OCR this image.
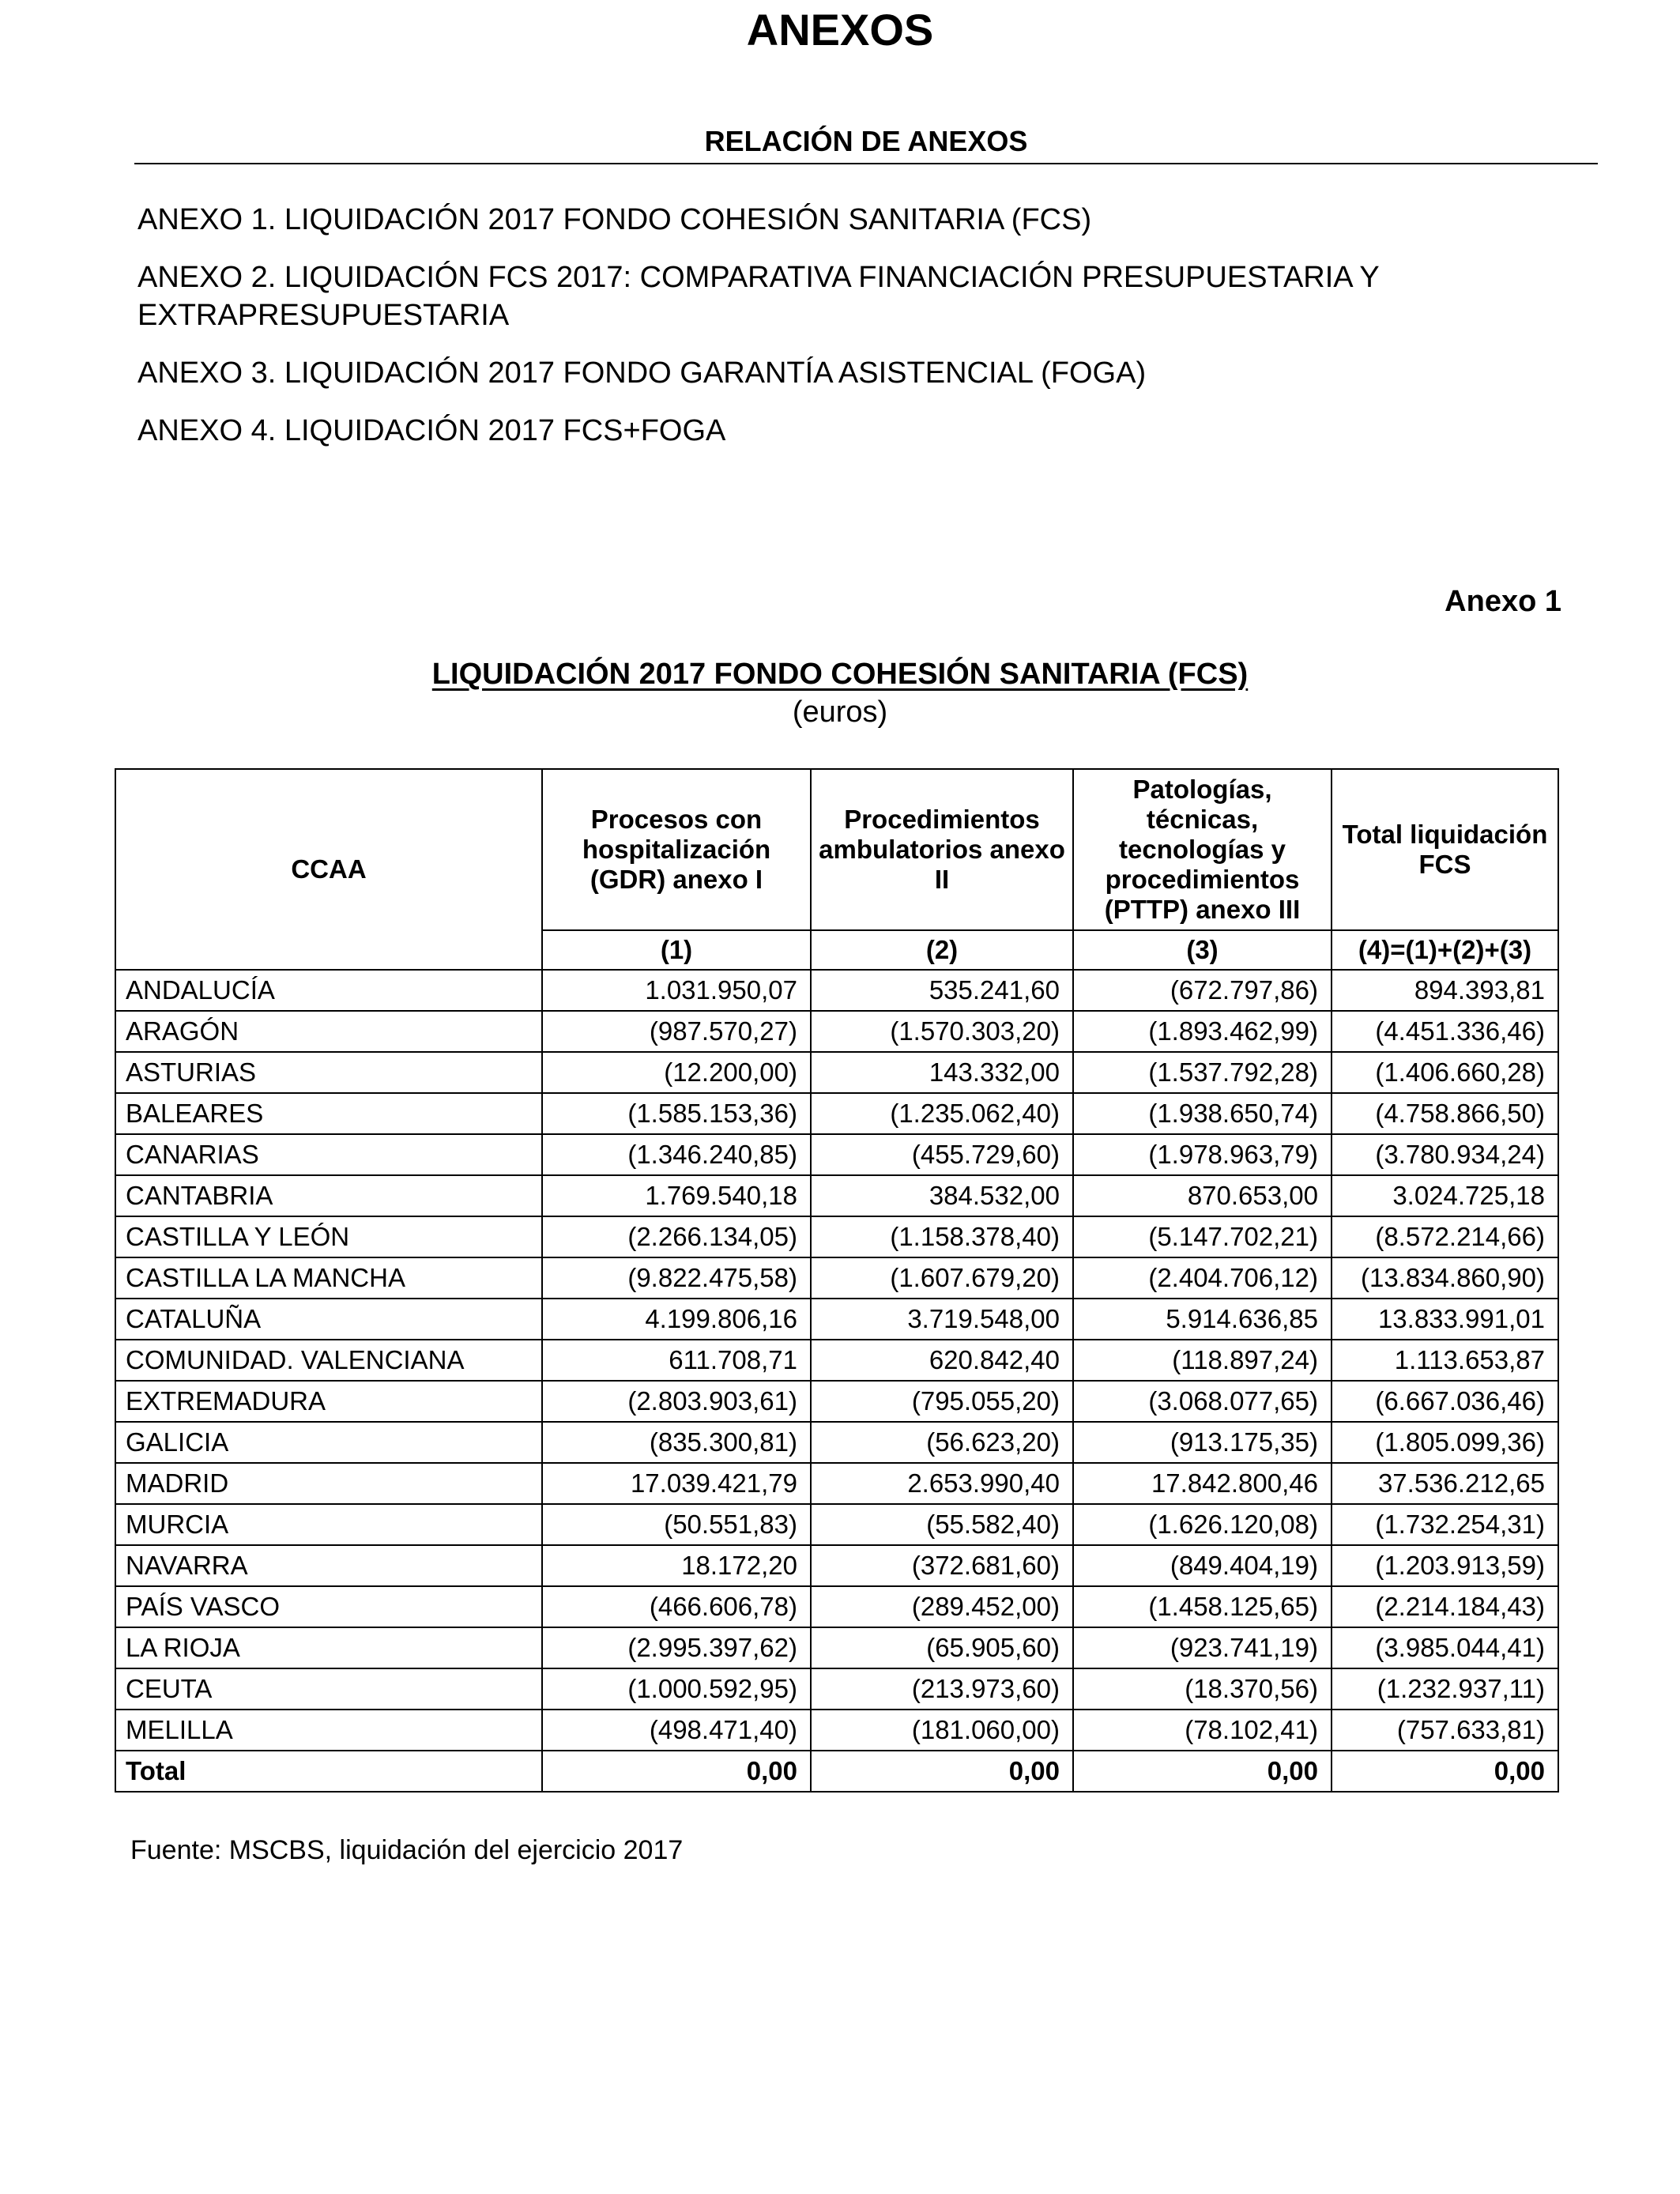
ANEXOS
RELACIÓN DE ANEXOS
ANEXO 1. LIQUIDACIÓN 2017 FONDO COHESIÓN SANITARIA (FCS)
ANEXO 2. LIQUIDACIÓN FCS 2017: COMPARATIVA FINANCIACIÓN PRESUPUESTARIA Y EXTRAPRESUPUESTARIA
ANEXO 3. LIQUIDACIÓN 2017 FONDO GARANTÍA ASISTENCIAL (FOGA)
ANEXO 4. LIQUIDACIÓN 2017 FCS+FOGA
Anexo 1
LIQUIDACIÓN 2017 FONDO COHESIÓN SANITARIA (FCS)
(euros)
CCAA	Procesos con hospitalización (GDR) anexo I	Procedimientos ambulatorios anexo II	Patologías, técnicas, tecnologías y procedimientos (PTTP) anexo III	Total liquidación FCS
	(1)	(2)	(3)	(4)=(1)+(2)+(3)
ANDALUCÍA	1.031.950,07	535.241,60	(672.797,86)	894.393,81
ARAGÓN	(987.570,27)	(1.570.303,20)	(1.893.462,99)	(4.451.336,46)
ASTURIAS	(12.200,00)	143.332,00	(1.537.792,28)	(1.406.660,28)
BALEARES	(1.585.153,36)	(1.235.062,40)	(1.938.650,74)	(4.758.866,50)
CANARIAS	(1.346.240,85)	(455.729,60)	(1.978.963,79)	(3.780.934,24)
CANTABRIA	1.769.540,18	384.532,00	870.653,00	3.024.725,18
CASTILLA Y LEÓN	(2.266.134,05)	(1.158.378,40)	(5.147.702,21)	(8.572.214,66)
CASTILLA LA MANCHA	(9.822.475,58)	(1.607.679,20)	(2.404.706,12)	(13.834.860,90)
CATALUÑA	4.199.806,16	3.719.548,00	5.914.636,85	13.833.991,01
COMUNIDAD. VALENCIANA	611.708,71	620.842,40	(118.897,24)	1.113.653,87
EXTREMADURA	(2.803.903,61)	(795.055,20)	(3.068.077,65)	(6.667.036,46)
GALICIA	(835.300,81)	(56.623,20)	(913.175,35)	(1.805.099,36)
MADRID	17.039.421,79	2.653.990,40	17.842.800,46	37.536.212,65
MURCIA	(50.551,83)	(55.582,40)	(1.626.120,08)	(1.732.254,31)
NAVARRA	18.172,20	(372.681,60)	(849.404,19)	(1.203.913,59)
PAÍS VASCO	(466.606,78)	(289.452,00)	(1.458.125,65)	(2.214.184,43)
LA RIOJA	(2.995.397,62)	(65.905,60)	(923.741,19)	(3.985.044,41)
CEUTA	(1.000.592,95)	(213.973,60)	(18.370,56)	(1.232.937,11)
MELILLA	(498.471,40)	(181.060,00)	(78.102,41)	(757.633,81)
Total	0,00	0,00	0,00	0,00
Fuente: MSCBS, liquidación del ejercicio 2017
